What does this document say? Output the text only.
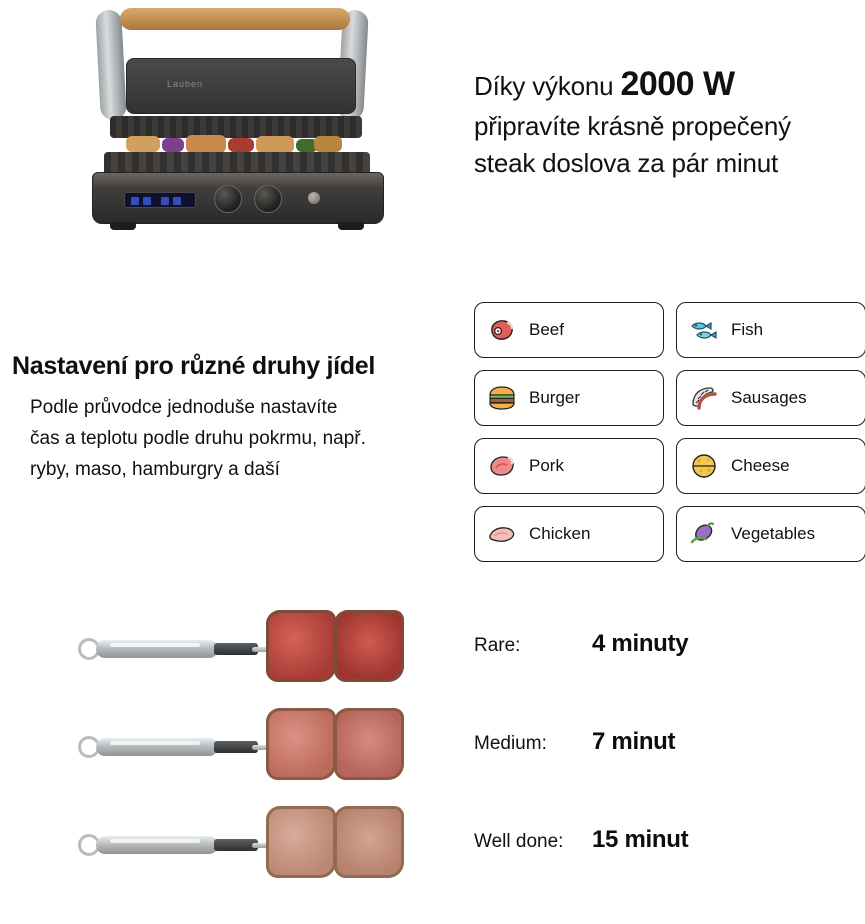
Lauben	Díky výkonu 2000 W
připravíte krásně propečený
steak doslova za pár minut
Nastavení pro různé druhy jídel
Podle průvodce jednoduše nastavíte
čas a teplotu podle druhu pokrmu, např.
ryby, maso, hamburgry a daší
Beef	Fish
Burger	Sausages
Pork	Cheese
Chicken	Vegetables
Rare:	4 minuty
Medium:	7 minut
Well done:	15 minut
